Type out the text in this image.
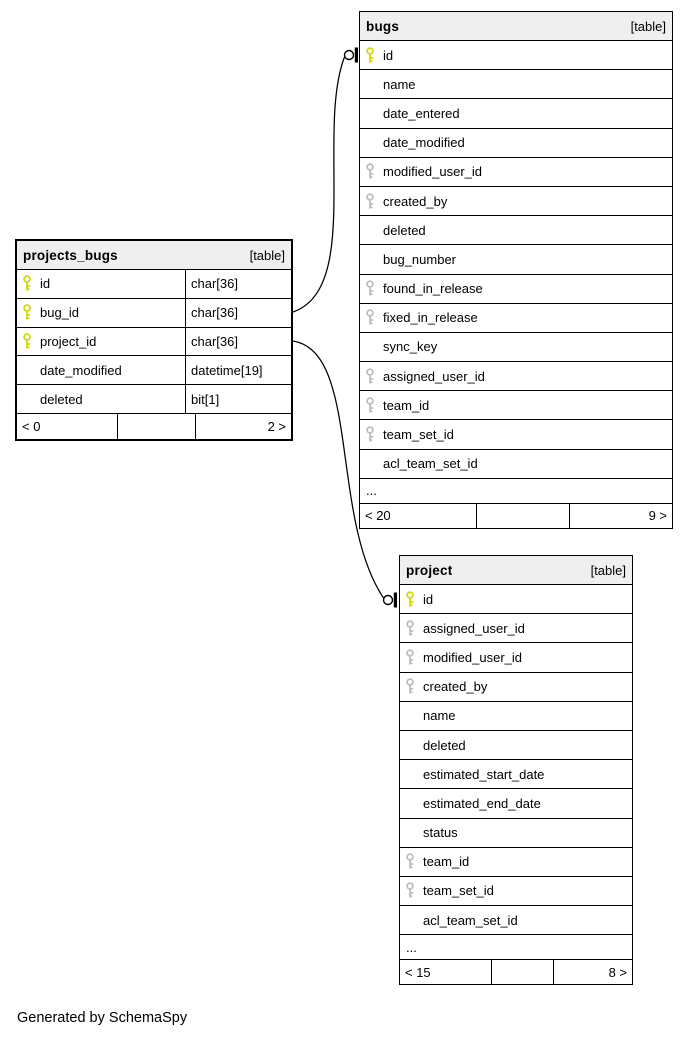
projects_bugs	[table]
id	char[36]
bug_id	char[36]
project_id	char[36]
date_modified	datetime[19]
deleted	bit[1]
< 0	2 >
bugs	[table]
id
name
date_entered
date_modified
modified_user_id
created_by
deleted
bug_number
found_in_release
fixed_in_release
sync_key
assigned_user_id
team_id
team_set_id
acl_team_set_id
...
< 20	9 >
project	[table]
id
assigned_user_id
modified_user_id
created_by
name
deleted
estimated_start_date
estimated_end_date
status
team_id
team_set_id
acl_team_set_id
...
< 15	8 >
Generated by SchemaSpy
